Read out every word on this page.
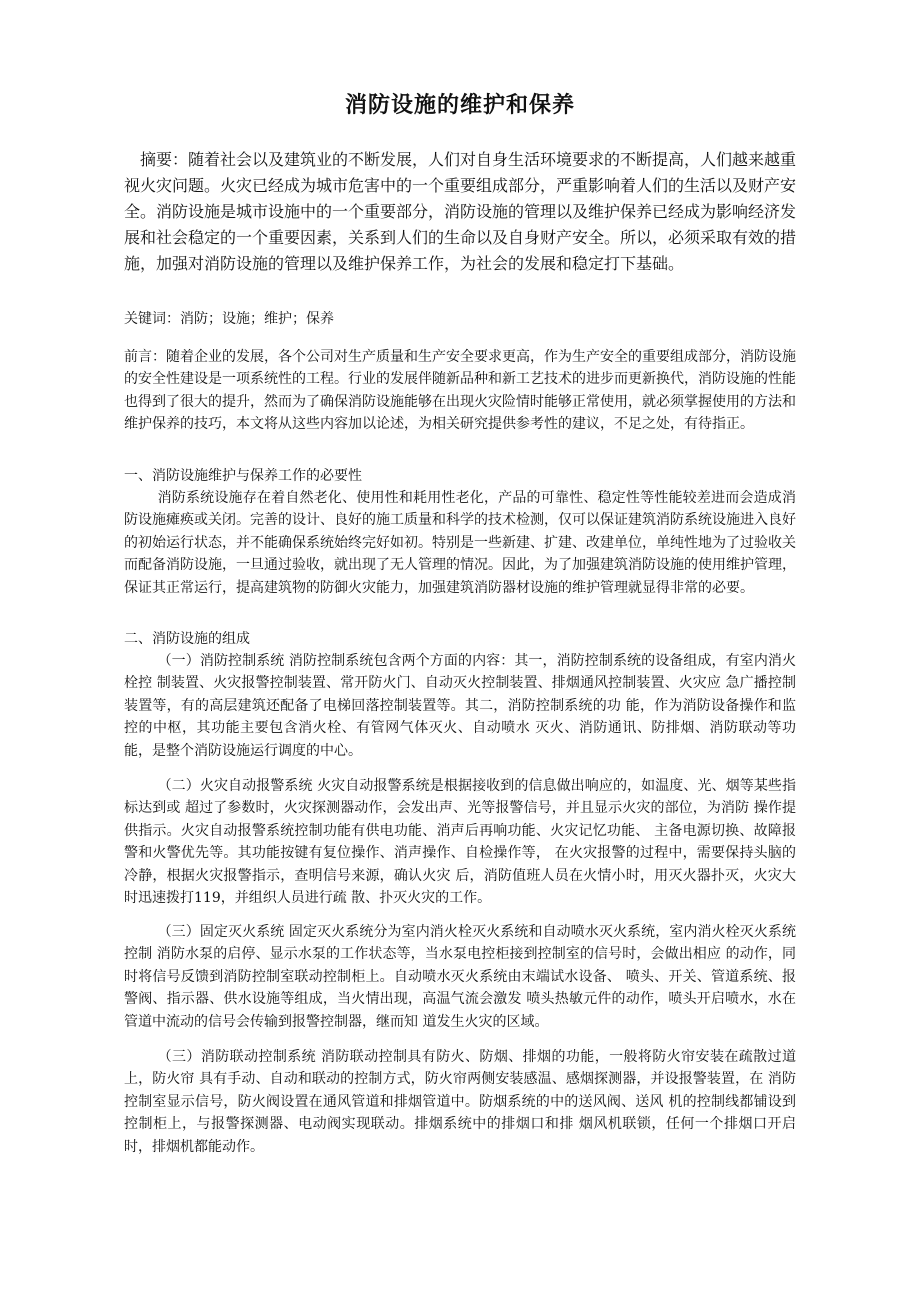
消防设施的维护和保养

摘要：随着社会以及建筑业的不断发展，人们对自身生活环境要求的不断提高，人们越来越重视火灾问题。火灾已经成为城市危害中的一个重要组成部分，严重影响着人们的生活以及财产安全。消防设施是城市设施中的一个重要部分，消防设施的管理以及维护保养已经成为影响经济发展和社会稳定的一个重要因素，关系到人们的生命以及自身财产安全。所以，必须采取有效的措施，加强对消防设施的管理以及维护保养工作，为社会的发展和稳定打下基础。

关键词：消防；设施；维护；保养

前言：随着企业的发展，各个公司对生产质量和生产安全要求更高，作为生产安全的重要组成部分，消防设施的安全性建设是一项系统性的工程。行业的发展伴随新品种和新工艺技术的进步而更新换代，消防设施的性能也得到了很大的提升，然而为了确保消防设施能够在出现火灾险情时能够正常使用，就必须掌握使用的方法和维护保养的技巧，本文将从这些内容加以论述，为相关研究提供参考性的建议，不足之处，有待指正。

一、消防设施维护与保养工作的必要性

消防系统设施存在着自然老化、使用性和耗用性老化，产品的可靠性、稳定性等性能较差进而会造成消防设施瘫痪或关闭。完善的设计、良好的施工质量和科学的技术检测，仅可以保证建筑消防系统设施进入良好的初始运行状态，并不能确保系统始终完好如初。特别是一些新建、扩建、改建单位，单纯性地为了过验收关而配备消防设施，一旦通过验收，就出现了无人管理的情况。因此，为了加强建筑消防设施的使用维护管理，保证其正常运行，提高建筑物的防御火灾能力，加强建筑消防器材设施的维护管理就显得非常的必要。

二、消防设施的组成

（一）消防控制系统 消防控制系统包含两个方面的内容：其一，消防控制系统的设备组成，有室内消火栓控 制装置、火灾报警控制装置、常开防火门、自动灭火控制装置、排烟通风控制装置、火灾应 急广播控制装置等，有的高层建筑还配备了电梯回落控制装置等。其二，消防控制系统的功 能，作为消防设备操作和监控的中枢，其功能主要包含消火栓、有管网气体灭火、自动喷水 灭火、消防通讯、防排烟、消防联动等功能，是整个消防设施运行调度的中心。

（二）火灾自动报警系统 火灾自动报警系统是根据接收到的信息做出响应的，如温度、光、烟等某些指标达到或 超过了参数时，火灾探测器动作，会发出声、光等报警信号，并且显示火灾的部位，为消防 操作提供指示。火灾自动报警系统控制功能有供电功能、消声后再响功能、火灾记忆功能、 主备电源切换、故障报警和火警优先等。其功能按键有复位操作、消声操作、自检操作等， 在火灾报警的过程中，需要保持头脑的冷静，根据火灾报警指示，查明信号来源，确认火灾 后，消防值班人员在火情小时，用灭火器扑灭，火灾大时迅速拨打119，并组织人员进行疏 散、扑灭火灾的工作。

（三）固定灭火系统 固定灭火系统分为室内消火栓灭火系统和自动喷水灭火系统，室内消火栓灭火系统控制 消防水泵的启停、显示水泵的工作状态等，当水泵电控柜接到控制室的信号时，会做出相应 的动作，同时将信号反馈到消防控制室联动控制柜上。自动喷水灭火系统由末端试水设备、 喷头、开关、管道系统、报警阀、指示器、供水设施等组成，当火情出现，高温气流会激发 喷头热敏元件的动作，喷头开启喷水，水在管道中流动的信号会传输到报警控制器，继而知 道发生火灾的区域。

（三）消防联动控制系统 消防联动控制具有防火、防烟、排烟的功能，一般将防火帘安装在疏散过道上，防火帘 具有手动、自动和联动的控制方式，防火帘两侧安装感温、感烟探测器，并设报警装置，在 消防控制室显示信号，防火阀设置在通风管道和排烟管道中。防烟系统的中的送风阀、送风 机的控制线都铺设到控制柜上，与报警探测器、电动阀实现联动。排烟系统中的排烟口和排 烟风机联锁，任何一个排烟口开启时，排烟机都能动作。
